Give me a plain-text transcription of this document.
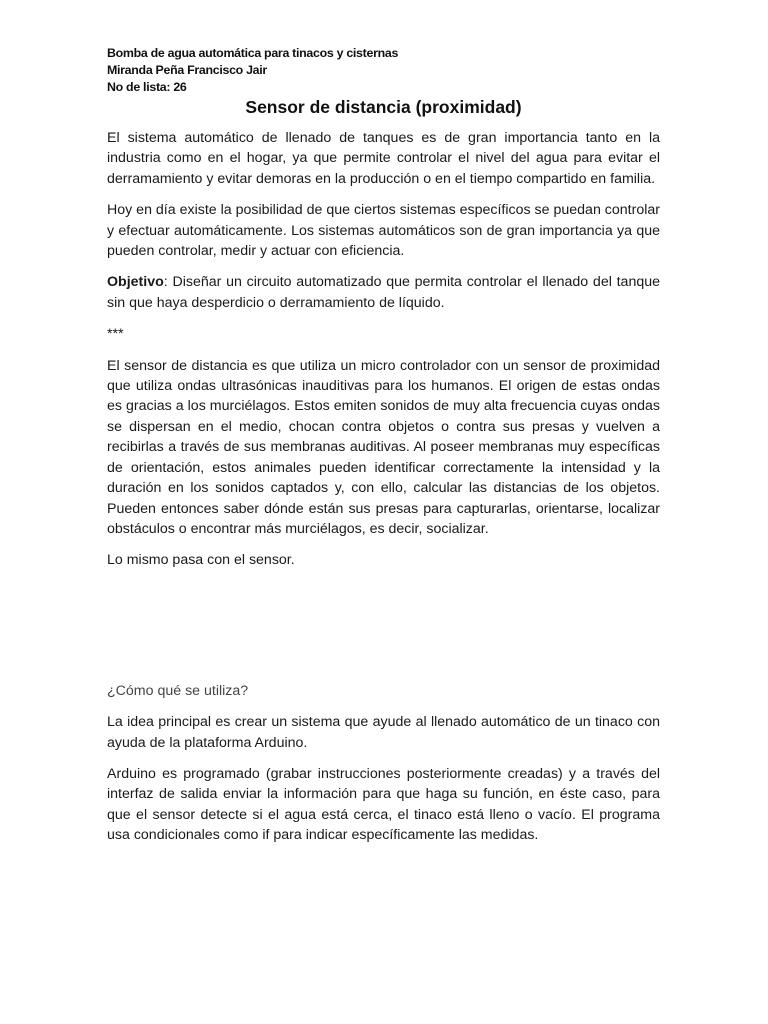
Bomba de agua automática para tinacos y cisternas
Miranda Peña Francisco Jair
No de lista: 26
Sensor de distancia (proximidad)

El sistema automático de llenado de tanques es de gran importancia tanto en la industria como en el hogar, ya que permite controlar el nivel del agua para evitar el derramamiento y evitar demoras en la producción o en el tiempo compartido en familia.

Hoy en día existe la posibilidad de que ciertos sistemas específicos se puedan controlar y efectuar automáticamente. Los sistemas automáticos son de gran importancia ya que pueden controlar, medir y actuar con eficiencia.

Objetivo: Diseñar un circuito automatizado que permita controlar el llenado del tanque sin que haya desperdicio o derramamiento de líquido.

***

El sensor de distancia es que utiliza un micro controlador con un sensor de proximidad que utiliza ondas ultrasónicas inauditivas para los humanos. El origen de estas ondas es gracias a los murciélagos. Estos emiten sonidos de muy alta frecuencia cuyas ondas se dispersan en el medio, chocan contra objetos o contra sus presas y vuelven a recibirlas a través de sus membranas auditivas. Al poseer membranas muy específicas de orientación, estos animales pueden identificar correctamente la intensidad y la duración en los sonidos captados y, con ello, calcular las distancias de los objetos. Pueden entonces saber dónde están sus presas para capturarlas, orientarse, localizar obstáculos o encontrar más murciélagos, es decir, socializar.

Lo mismo pasa con el sensor.

¿Cómo qué se utiliza?

La idea principal es crear un sistema que ayude al llenado automático de un tinaco con ayuda de la plataforma Arduino.

Arduino es programado (grabar instrucciones posteriormente creadas) y a través del interfaz de salida enviar la información para que haga su función, en éste caso, para que el sensor detecte si el agua está cerca, el tinaco está lleno o vacío. El programa usa condicionales como if para indicar específicamente las medidas.
